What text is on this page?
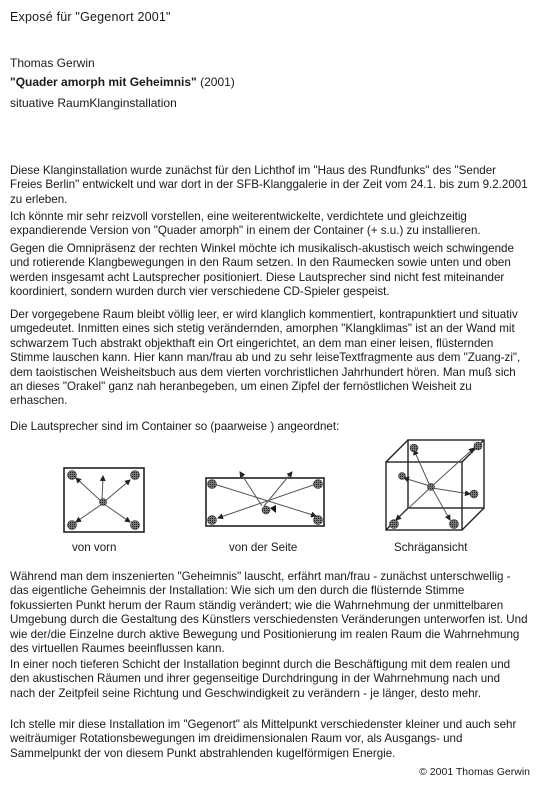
Exposé für "Gegenort 2001"
Thomas Gerwin
"Quader amorph mit Geheimnis" (2001)
situative RaumKlanginstallation

Diese Klanginstallation wurde zunächst für den Lichthof im "Haus des Rundfunks" des "Sender Freies Berlin" entwickelt und war dort in der SFB-Klanggalerie in der Zeit vom 24.1. bis zum 9.2.2001 zu erleben.

Ich könnte mir sehr reizvoll vorstellen, eine weiterentwickelte, verdichtete und gleichzeitig expandierende Version von "Quader amorph" in einem der Container (+ s.u.) zu installieren.

Gegen die Omnipräsenz der rechten Winkel möchte ich musikalisch-akustisch weich schwingende und rotierende Klangbewegungen in den Raum setzen. In den Raumecken sowie unten und oben werden insgesamt acht Lautsprecher positioniert. Diese Lautsprecher sind nicht fest miteinander koordiniert, sondern wurden durch vier verschiedene CD-Spieler gespeist.

Der vorgegebene Raum bleibt völlig leer, er wird klanglich kommentiert, kontrapunktiert und situativ umgedeutet. Inmitten eines sich stetig verändernden, amorphen "Klangklimas" ist an der Wand mit schwarzem Tuch abstrakt objekthaft ein Ort eingerichtet, an dem man einer leisen, flüsternden Stimme lauschen kann. Hier kann man/frau ab und zu sehr leiseTextfragmente aus dem "Zuang-zi", dem taoistischen Weisheitsbuch aus dem vierten vorchristlichen Jahrhundert hören. Man muß sich an dieses "Orakel" ganz nah heranbegeben, um einen Zipfel der fernöstlichen Weisheit zu erhaschen.

Die Lautsprecher sind im Container so (paarweise ) angeordnet:

von vorn	von der Seite	Schrägansicht

Während man dem inszenierten "Geheimnis" lauscht, erfährt man/frau - zunächst unterschwellig - das eigentliche Geheimnis der Installation: Wie sich um den durch die flüsternde Stimme fokussierten Punkt herum der Raum ständig verändert; wie die Wahrnehmung der unmittelbaren Umgebung durch die Gestaltung des Künstlers verschiedensten Veränderungen unterworfen ist. Und wie der/die Einzelne durch aktive Bewegung und Positionierung im realen Raum die Wahrnehmung des virtuellen Raumes beeinflussen kann.

In einer noch tieferen Schicht der Installation beginnt durch die Beschäftigung mit dem realen und den akustischen Räumen und ihrer gegenseitige Durchdringung in der Wahrnehmung nach und nach der Zeitpfeil seine Richtung und Geschwindigkeit zu verändern - je länger, desto mehr.

Ich stelle mir diese Installation im "Gegenort" als Mittelpunkt verschiedenster kleiner und auch sehr weiträumiger Rotationsbewegungen im dreidimensionalen Raum vor, als Ausgangs- und Sammelpunkt der von diesem Punkt abstrahlenden kugelförmigen Energie.

© 2001 Thomas Gerwin
